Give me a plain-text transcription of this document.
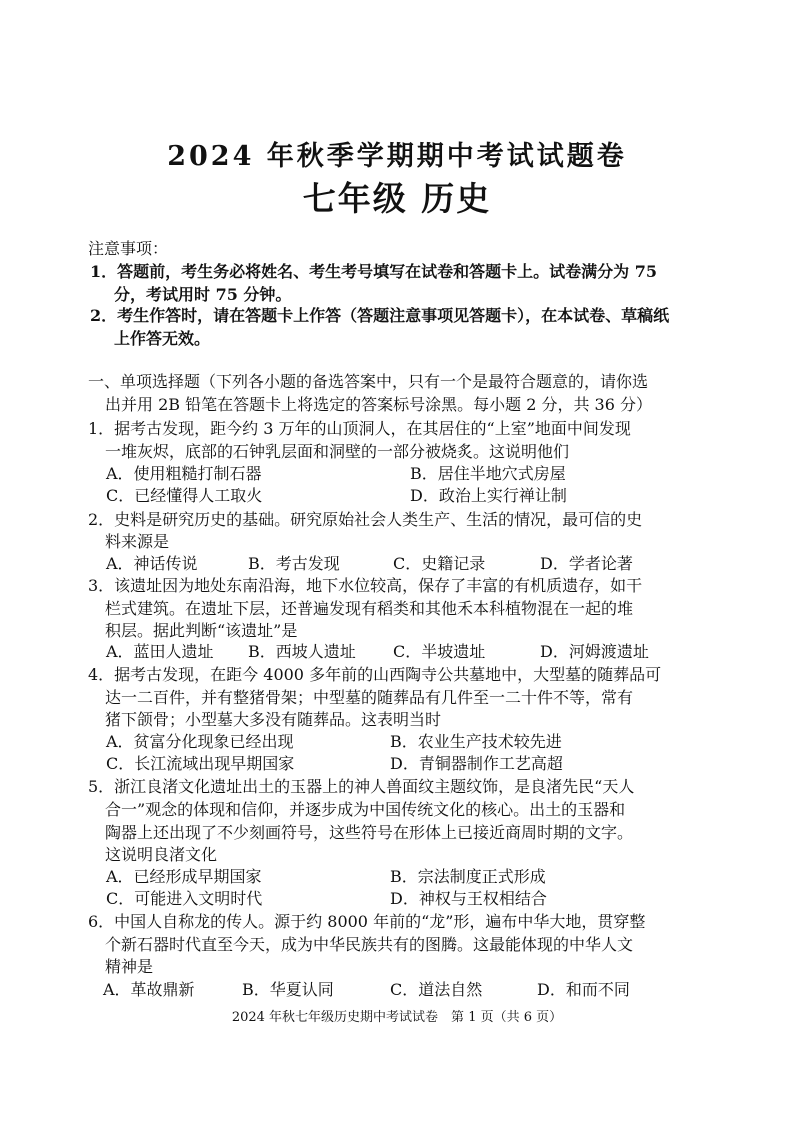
2024 年秋季学期期中考试试题卷
七年级 历史
注意事项：
1．答题前，考生务必将姓名、考生考号填写在试卷和答题卡上。试卷满分为 75
分，考试用时 75 分钟。
2．考生作答时，请在答题卡上作答（答题注意事项见答题卡），在本试卷、草稿纸
上作答无效。
一、单项选择题（下列各小题的备选答案中，只有一个是最符合题意的，请你选
出并用 2B 铅笔在答题卡上将选定的答案标号涂黑。每小题 2 分，共 36 分）
1．据考古发现，距今约 3 万年的山顶洞人，在其居住的“上室”地面中间发现
一堆灰烬，底部的石钟乳层面和洞壁的一部分被烧炙。这说明他们
A．使用粗糙打制石器	B．居住半地穴式房屋
C．已经懂得人工取火	D．政治上实行禅让制
2．史料是研究历史的基础。研究原始社会人类生产、生活的情况，最可信的史
料来源是
A．神话传说	B．考古发现	C．史籍记录	D．学者论著
3．该遗址因为地处东南沿海，地下水位较高，保存了丰富的有机质遗存，如干
栏式建筑。在遗址下层，还普遍发现有稻类和其他禾本科植物混在一起的堆
积层。据此判断“该遗址”是
A．蓝田人遗址 B．西坡人遗址 C．半坡遗址	D．河姆渡遗址
4．据考古发现，在距今 4000 多年前的山西陶寺公共墓地中，大型墓的随葬品可
达一二百件，并有整猪骨架；中型墓的随葬品有几件至一二十件不等，常有
猪下颌骨；小型墓大多没有随葬品。这表明当时
A．贫富分化现象已经出现	B．农业生产技术较先进
C．长江流域出现早期国家	D．青铜器制作工艺高超
5．浙江良渚文化遗址出土的玉器上的神人兽面纹主题纹饰，是良渚先民“天人
合一”观念的体现和信仰，并逐步成为中国传统文化的核心。出土的玉器和
陶器上还出现了不少刻画符号，这些符号在形体上已接近商周时期的文字。
这说明良渚文化
A．已经形成早期国家	B．宗法制度正式形成
C．可能进入文明时代	D．神权与王权相结合
6．中国人自称龙的传人。源于约 8000 年前的“龙”形，遍布中华大地，贯穿整
个新石器时代直至今天，成为中华民族共有的图腾。这最能体现的中华人文
精神是
A．革故鼎新	B．华夏认同	C．道法自然	D．和而不同
2024 年秋七年级历史期中考试试卷　第 1 页（共 6 页）
